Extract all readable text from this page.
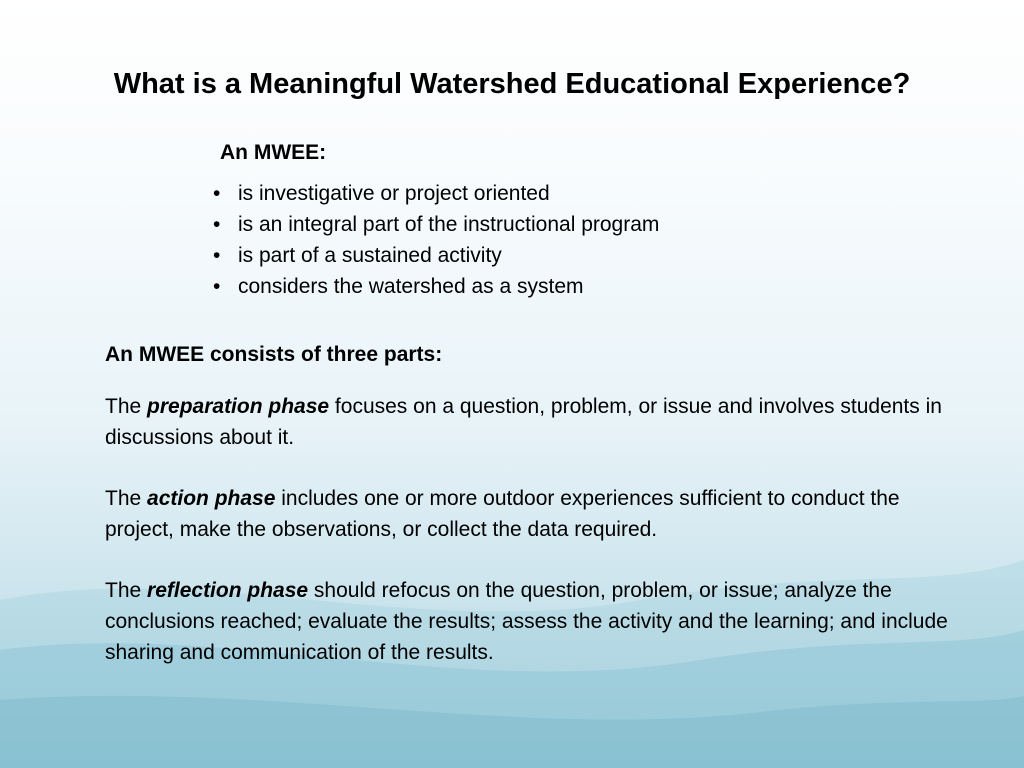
What is a Meaningful Watershed Educational Experience?
An MWEE:
• is investigative or project oriented
• is an integral part of the instructional program
• is part of a sustained activity
• considers the watershed as a system
An MWEE consists of three parts:
The preparation phase focuses on a question, problem, or issue and involves students in discussions about it.
The action phase includes one or more outdoor experiences sufficient to conduct the project, make the observations, or collect the data required.
The reflection phase should refocus on the question, problem, or issue; analyze the conclusions reached; evaluate the results; assess the activity and the learning; and include sharing and communication of the results.
